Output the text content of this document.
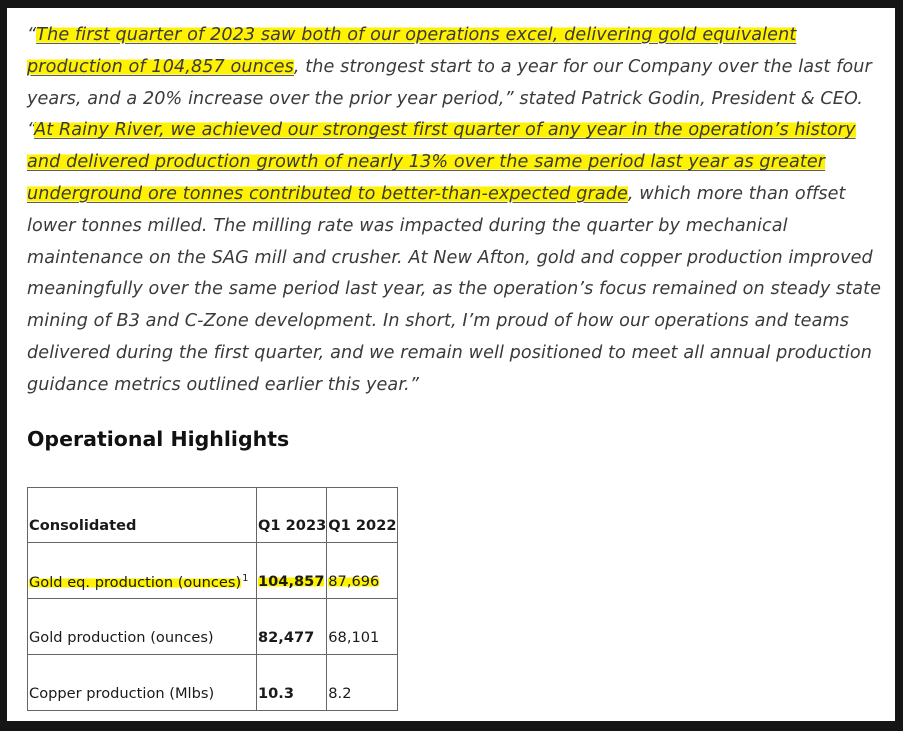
“The first quarter of 2023 saw both of our operations excel, delivering gold equivalent production of 104,857 ounces, the strongest start to a year for our Company over the last four years, and a 20% increase over the prior year period,” stated Patrick Godin, President & CEO. “At Rainy River, we achieved our strongest first quarter of any year in the operation’s history and delivered production growth of nearly 13% over the same period last year as greater underground ore tonnes contributed to better-than-expected grade, which more than offset lower tonnes milled. The milling rate was impacted during the quarter by mechanical maintenance on the SAG mill and crusher. At New Afton, gold and copper production improved meaningfully over the same period last year, as the operation’s focus remained on steady state mining of B3 and C-Zone development. In short, I’m proud of how our operations and teams delivered during the first quarter, and we remain well positioned to meet all annual production guidance metrics outlined earlier this year.”

Operational Highlights
Consolidated	Q1 2023	Q1 2022
Gold eq. production (ounces)$^1$	104,857	87,696
Gold production (ounces)	82,477	68,101
Copper production (Mlbs)	10.3	8.2
